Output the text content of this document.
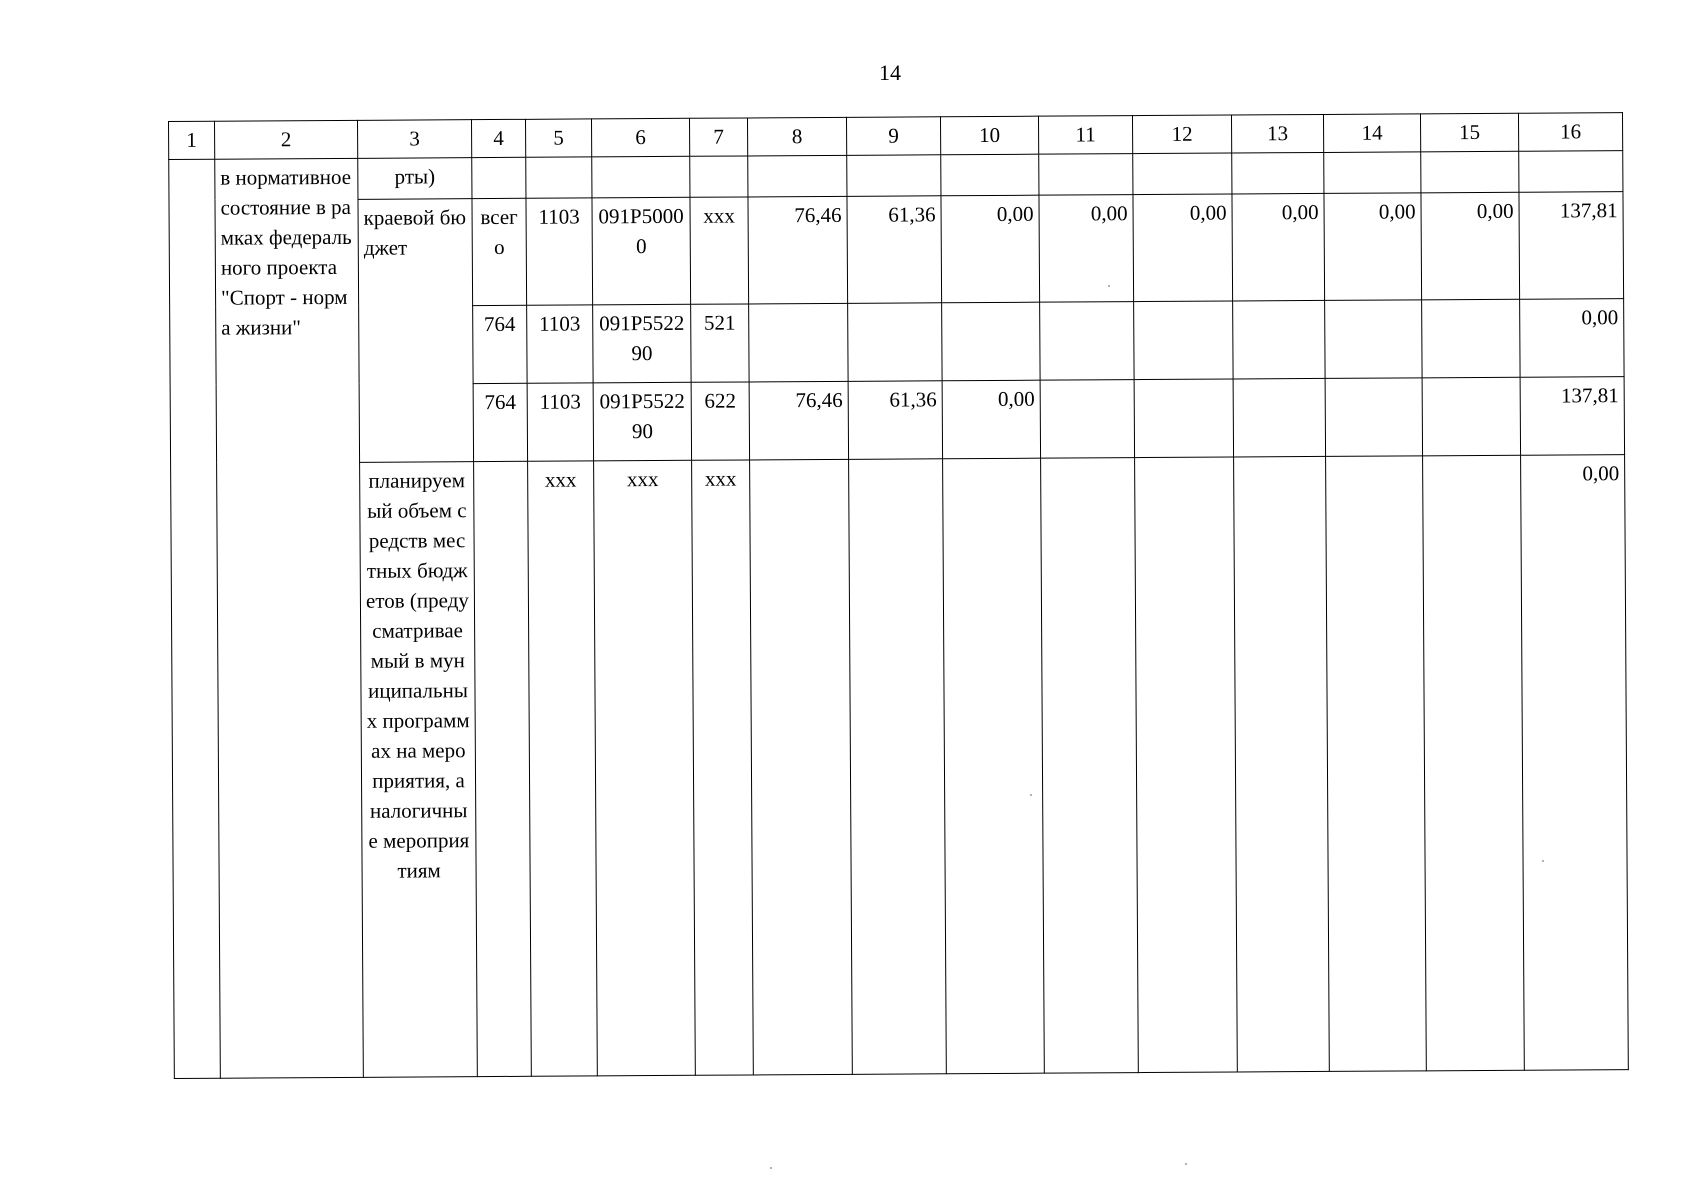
14
1	2	3	4	5	6	7	8	9	10	11	12	13	14	15	16
	в нормативное состояние в рамках федерального проекта "Спорт - норма жизни"	рты)													
		краевой бюджет	всего	1103	091P50000	ххх	76,46	61,36	0,00	0,00	0,00	0,00	0,00	0,00	137,81
			764	1103	091P552290	521									0,00
			764	1103	091P552290	622	76,46	61,36	0,00						137,81
		планируемый объем средств местных бюджетов (предусматриваемый в муниципальных программах на мероприятия, аналогичные мероприятиям		ххх	ххх	ххх									0,00
